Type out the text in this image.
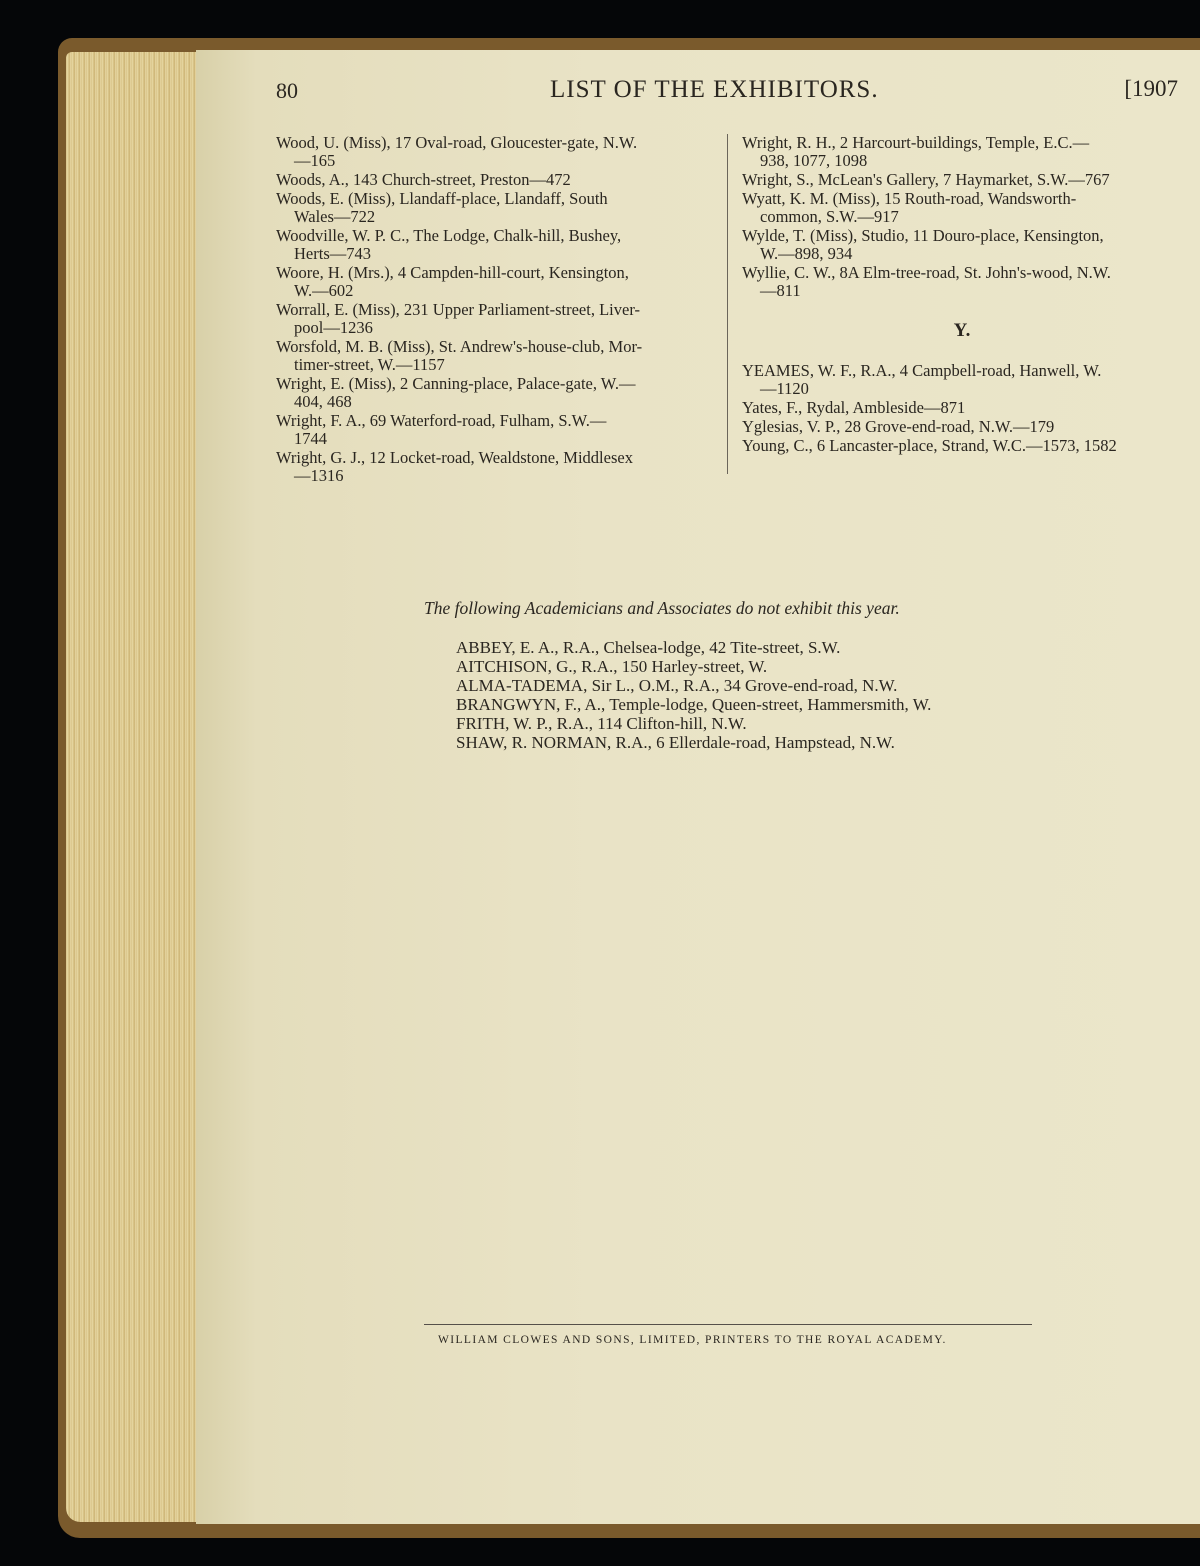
80	LIST OF THE EXHIBITORS.	[1907
Wood, U. (Miss), 17 Oval-road, Gloucester-gate, N.W.
—165
Woods, A., 143 Church-street, Preston—472
Woods, E. (Miss), Llandaff-place, Llandaff, South
Wales—722
Woodville, W. P. C., The Lodge, Chalk-hill, Bushey,
Herts—743
Woore, H. (Mrs.), 4 Campden-hill-court, Kensington,
W.—602
Worrall, E. (Miss), 231 Upper Parliament-street, Liver-
pool—1236
Worsfold, M. B. (Miss), St. Andrew's-house-club, Mor-
timer-street, W.—1157
Wright, E. (Miss), 2 Canning-place, Palace-gate, W.—
404, 468
Wright, F. A., 69 Waterford-road, Fulham, S.W.—
1744
Wright, G. J., 12 Locket-road, Wealdstone, Middlesex
—1316
Wright, R. H., 2 Harcourt-buildings, Temple, E.C.—
938, 1077, 1098
Wright, S., McLean's Gallery, 7 Haymarket, S.W.—767
Wyatt, K. M. (Miss), 15 Routh-road, Wandsworth-
common, S.W.—917
Wylde, T. (Miss), Studio, 11 Douro-place, Kensington,
W.—898, 934
Wyllie, C. W., 8A Elm-tree-road, St. John's-wood, N.W.
—811
Y.
YEAMES, W. F., R.A., 4 Campbell-road, Hanwell, W.
—1120
Yates, F., Rydal, Ambleside—871
Yglesias, V. P., 28 Grove-end-road, N.W.—179
Young, C., 6 Lancaster-place, Strand, W.C.—1573, 1582
The following Academicians and Associates do not exhibit this year.
ABBEY, E. A., R.A., Chelsea-lodge, 42 Tite-street, S.W.
AITCHISON, G., R.A., 150 Harley-street, W.
ALMA-TADEMA, Sir L., O.M., R.A., 34 Grove-end-road, N.W.
BRANGWYN, F., A., Temple-lodge, Queen-street, Hammersmith, W.
FRITH, W. P., R.A., 114 Clifton-hill, N.W.
SHAW, R. NORMAN, R.A., 6 Ellerdale-road, Hampstead, N.W.
WILLIAM CLOWES AND SONS, LIMITED, PRINTERS TO THE ROYAL ACADEMY.
